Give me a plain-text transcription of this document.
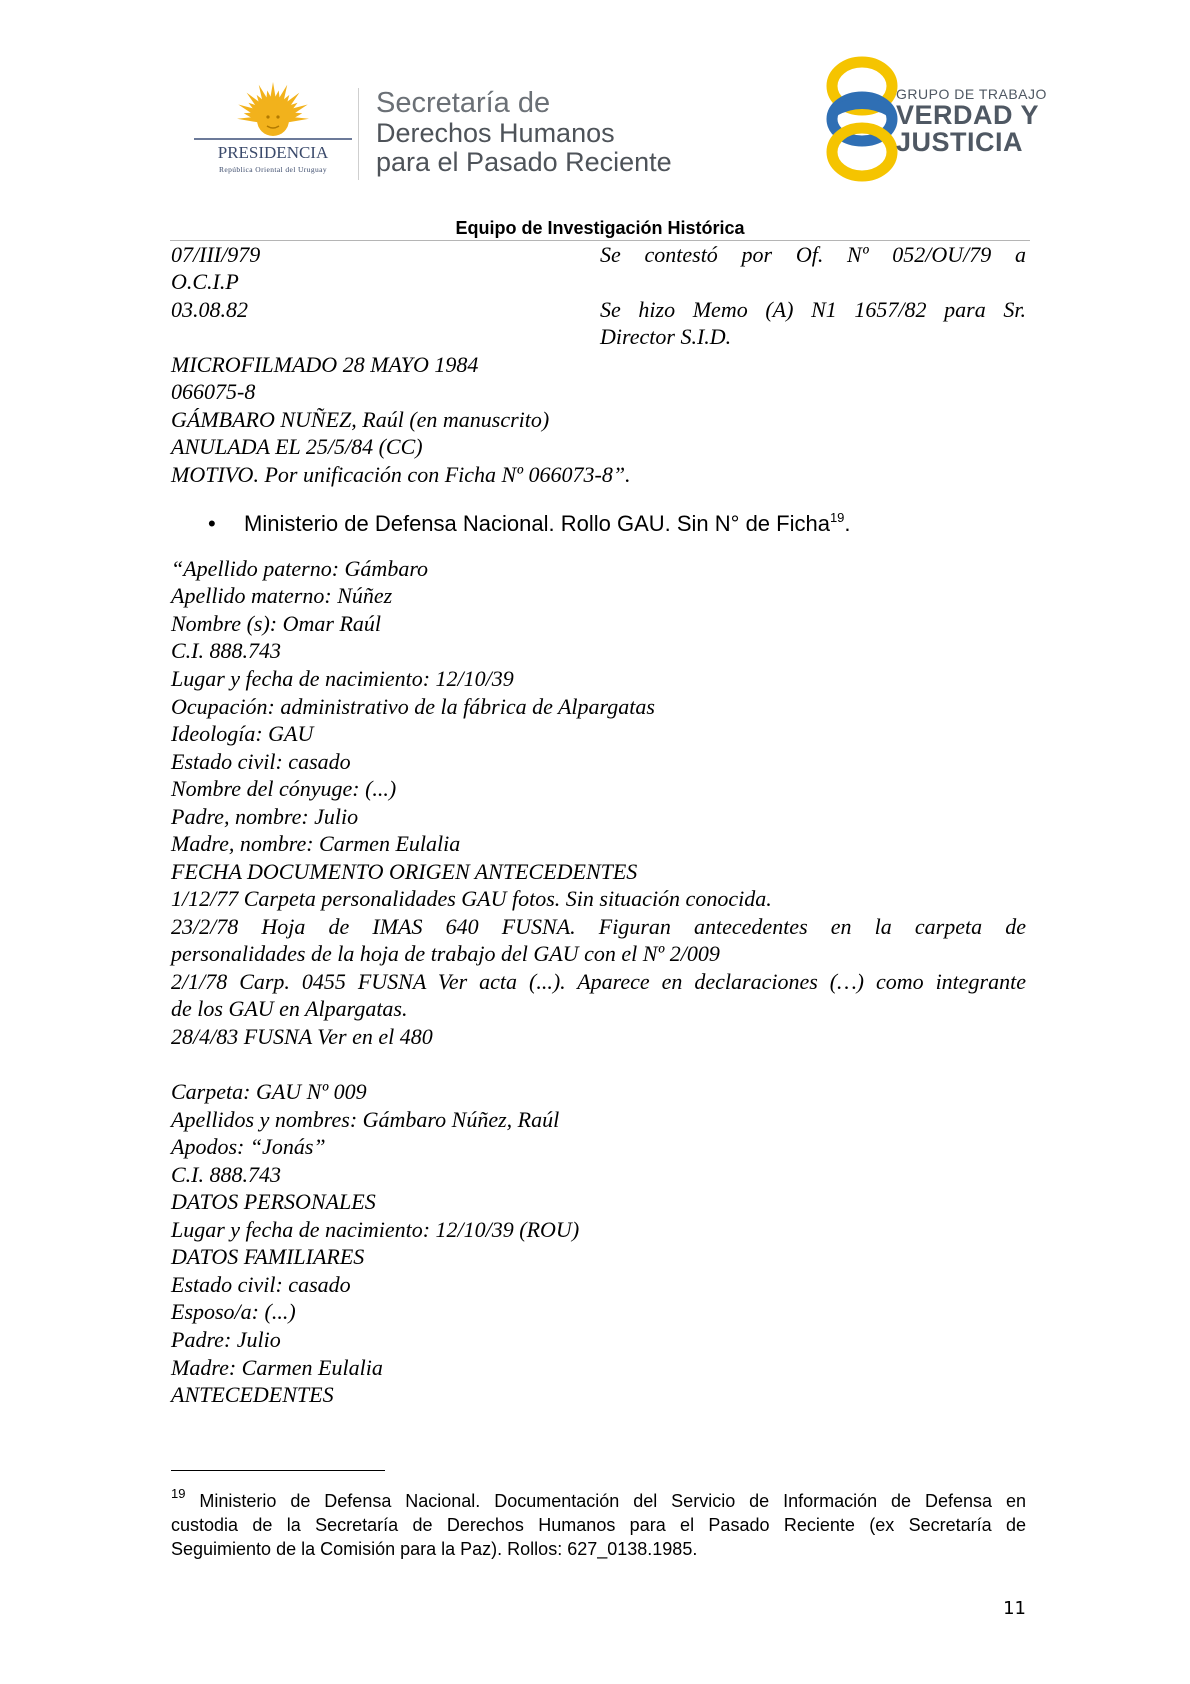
PRESIDENCIA
República Oriental del Uruguay
Secretaría de
Derechos Humanos
para el Pasado Reciente
GRUPO DE TRABAJO
VERDAD Y
JUSTICIA
Equipo de Investigación Histórica
07/III/979	Se contestó por Of. Nº 052/OU/79 a
O.C.I.P
03.08.82	Se hizo Memo (A) N1 1657/82 para Sr.
Director S.I.D.
MICROFILMADO 28 MAYO 1984
066075-8
GÁMBARO NUÑEZ, Raúl (en manuscrito)
ANULADA EL 25/5/84 (CC)
MOTIVO. Por unificación con Ficha Nº 066073-8”.
• Ministerio de Defensa Nacional. Rollo GAU. Sin N° de Ficha$^{19}$.
“Apellido paterno: Gámbaro
Apellido materno: Núñez
Nombre (s): Omar Raúl
C.I. 888.743
Lugar y fecha de nacimiento: 12/10/39
Ocupación: administrativo de la fábrica de Alpargatas
Ideología: GAU
Estado civil: casado
Nombre del cónyuge: (...)
Padre, nombre: Julio
Madre, nombre: Carmen Eulalia
FECHA DOCUMENTO ORIGEN ANTECEDENTES
1/12/77 Carpeta personalidades GAU fotos. Sin situación conocida.
23/2/78 Hoja de IMAS 640 FUSNA. Figuran antecedentes en la carpeta de
personalidades de la hoja de trabajo del GAU con el Nº 2/009
2/1/78 Carp. 0455 FUSNA Ver acta (...). Aparece en declaraciones (…) como integrante
de los GAU en Alpargatas.
28/4/83 FUSNA Ver en el 480
Carpeta: GAU Nº 009
Apellidos y nombres: Gámbaro Núñez, Raúl
Apodos: “Jonás”
C.I. 888.743
DATOS PERSONALES
Lugar y fecha de nacimiento: 12/10/39 (ROU)
DATOS FAMILIARES
Estado civil: casado
Esposo/a: (...)
Padre: Julio
Madre: Carmen Eulalia
ANTECEDENTES
$^{19}$ Ministerio de Defensa Nacional. Documentación del Servicio de Información de Defensa en
custodia de la Secretaría de Derechos Humanos para el Pasado Reciente (ex Secretaría de
Seguimiento de la Comisión para la Paz). Rollos: 627_0138.1985.
11
